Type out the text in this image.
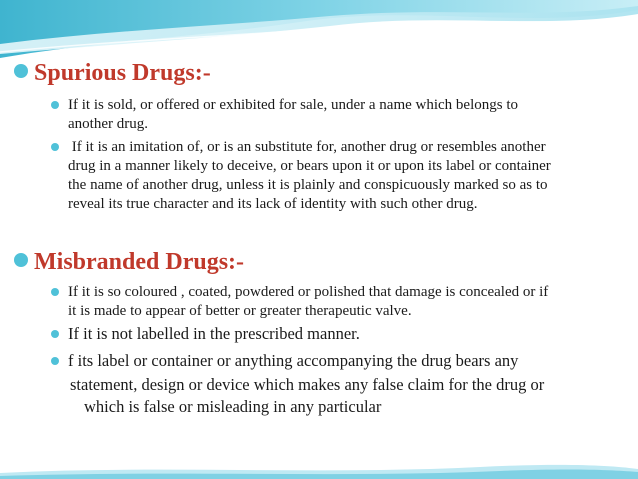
Spurious Drugs:-
If it is sold, or offered or exhibited for sale, under a name which belongs to
another drug.
If it is an imitation of, or is an substitute for, another drug or resembles another
drug in a manner likely to deceive, or bears upon it or upon its label or container
the name of another drug, unless it is plainly and conspicuously marked so as to
reveal its true character and its lack of identity with such other drug.
Misbranded Drugs:-
If it is so coloured , coated, powdered or polished that damage is concealed or if
it is made to appear of better or greater therapeutic valve.
If it is not labelled in the prescribed manner.
f its label or container or anything accompanying the drug bears any
statement, design or device which makes any false claim for the drug or
which is false or misleading in any particular
